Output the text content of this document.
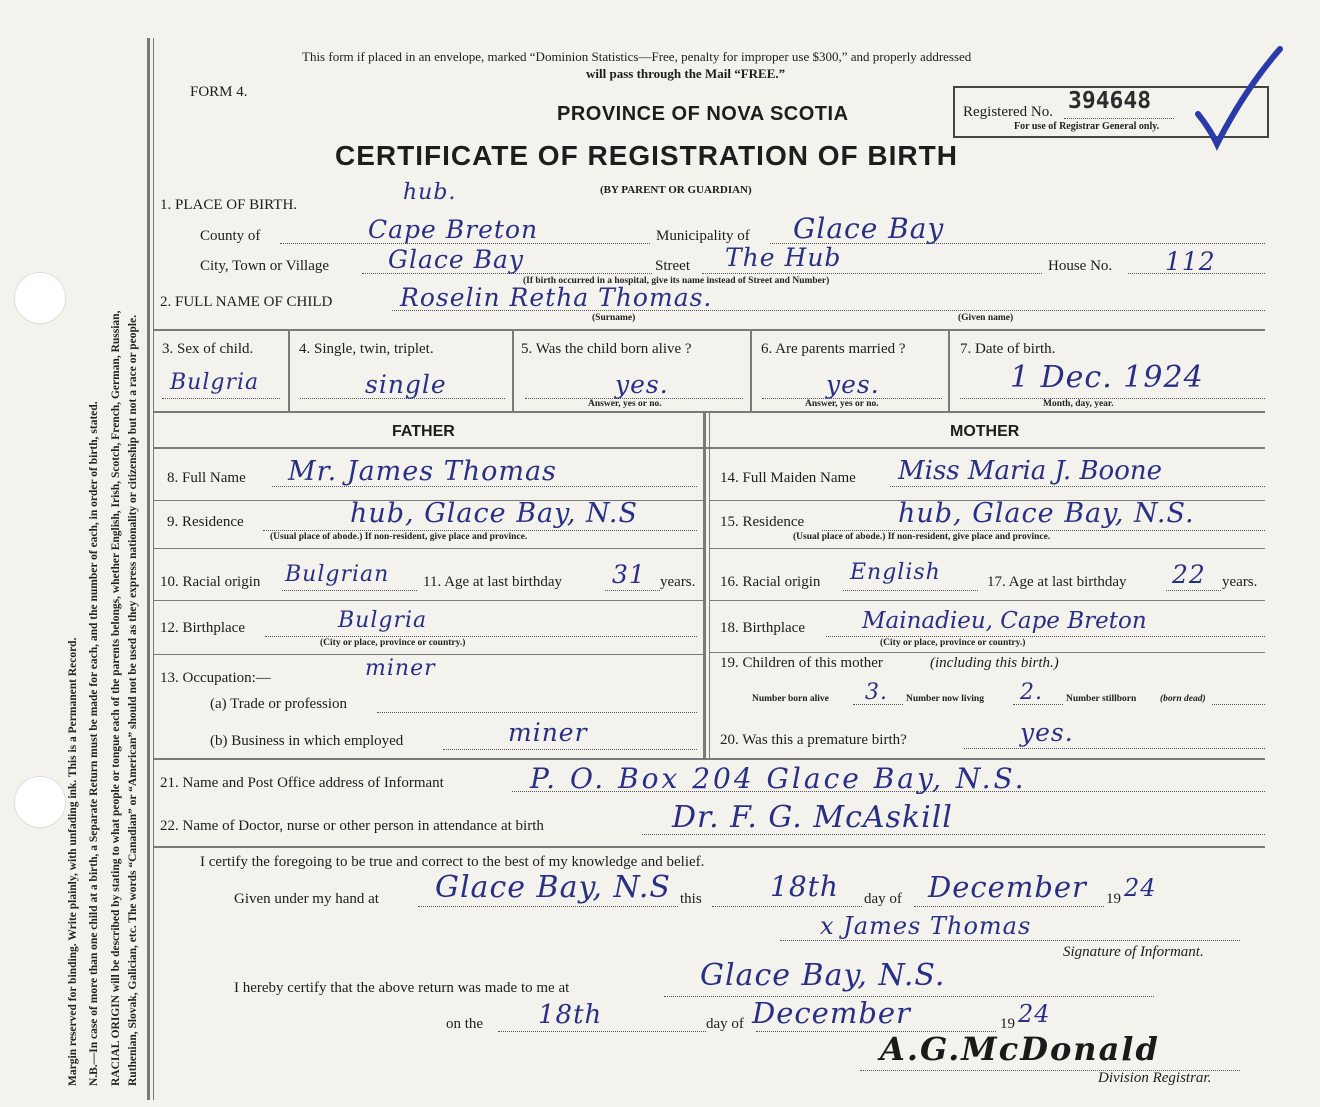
Margin reserved for binding. Write plainly, with unfading ink. This is a Permanent Record. N.B.—In case of more than one child at a birth, a Separate Return must be made for each, and the number of each, in order of birth, stated. RACIAL ORIGIN will be described by stating to what people or tongue each of the parents belongs, whether English, Irish, Scotch, French, German, Russian, Ruthenian, Slovak, Galician, etc. The words “Canadian” or “American” should not be used as they express nationality or citizenship but not a race or people.
This form if placed in an envelope, marked “Dominion Statistics—Free, penalty for improper use $300,” and properly addressed
will pass through the Mail “FREE.”
FORM 4.
PROVINCE OF NOVA SCOTIA
CERTIFICATE OF REGISTRATION OF BIRTH
(BY PARENT OR GUARDIAN)
Registered No. 394648
For use of Registrar General only.
1. PLACE OF BIRTH.	hub.
County of	Cape Breton	Municipality of Glace Bay
City, Town or Village Glace Bay	Street The Hub	House No. 112
(If birth occurred in a hospital, give its name instead of Street and Number)
2. FULL NAME OF CHILD	Roselin Retha Thomas.
(Surname)	(Given name)
3. Sex of child.
Bulgria
4. Single, twin, triplet.
single
5. Was the child born alive ?
yes.
Answer, yes or no.
6. Are parents married ?
yes.
Answer, yes or no.
7. Date of birth.
1 Dec. 1924
Month, day, year.
FATHER	MOTHER
8. Full Name Mr. James Thomas
9. Residence	hub, Glace Bay, N.S
(Usual place of abode.) If non-resident, give place and province.
10. Racial origin Bulgrian 11. Age at last birthday 31 years.
12. Birthplace	Bulgria
(City or place, province or country.)
13. Occupation:—	miner
(a) Trade or profession
(b) Business in which employed	miner
14. Full Maiden Name Miss Maria J. Boone
15. Residence	hub, Glace Bay, N.S.
(Usual place of abode.) If non-resident, give place and province.
16. Racial origin English	17. Age at last birthday 22 years.
18. Birthplace Mainadieu, Cape Breton
(City or place, province or country.)
19. Children of this mother	(including this birth.)
Number born alive 3. Number now living 2. Number stillborn (born dead)
20. Was this a premature birth?	yes.
21. Name and Post Office address of Informant	P. O. Box 204 Glace Bay, N.S.
22. Name of Doctor, nurse or other person in attendance at birth	Dr. F. G. McAskill
I certify the foregoing to be true and correct to the best of my knowledge and belief.
Given under my hand at Glace Bay, N.S this 18th day of December 19 24
x James Thomas
Signature of Informant.
I hereby certify that the above return was made to me at	Glace Bay, N.S.
on the 18th	day of December	19 24
A.G.McDonald
Division Registrar.
